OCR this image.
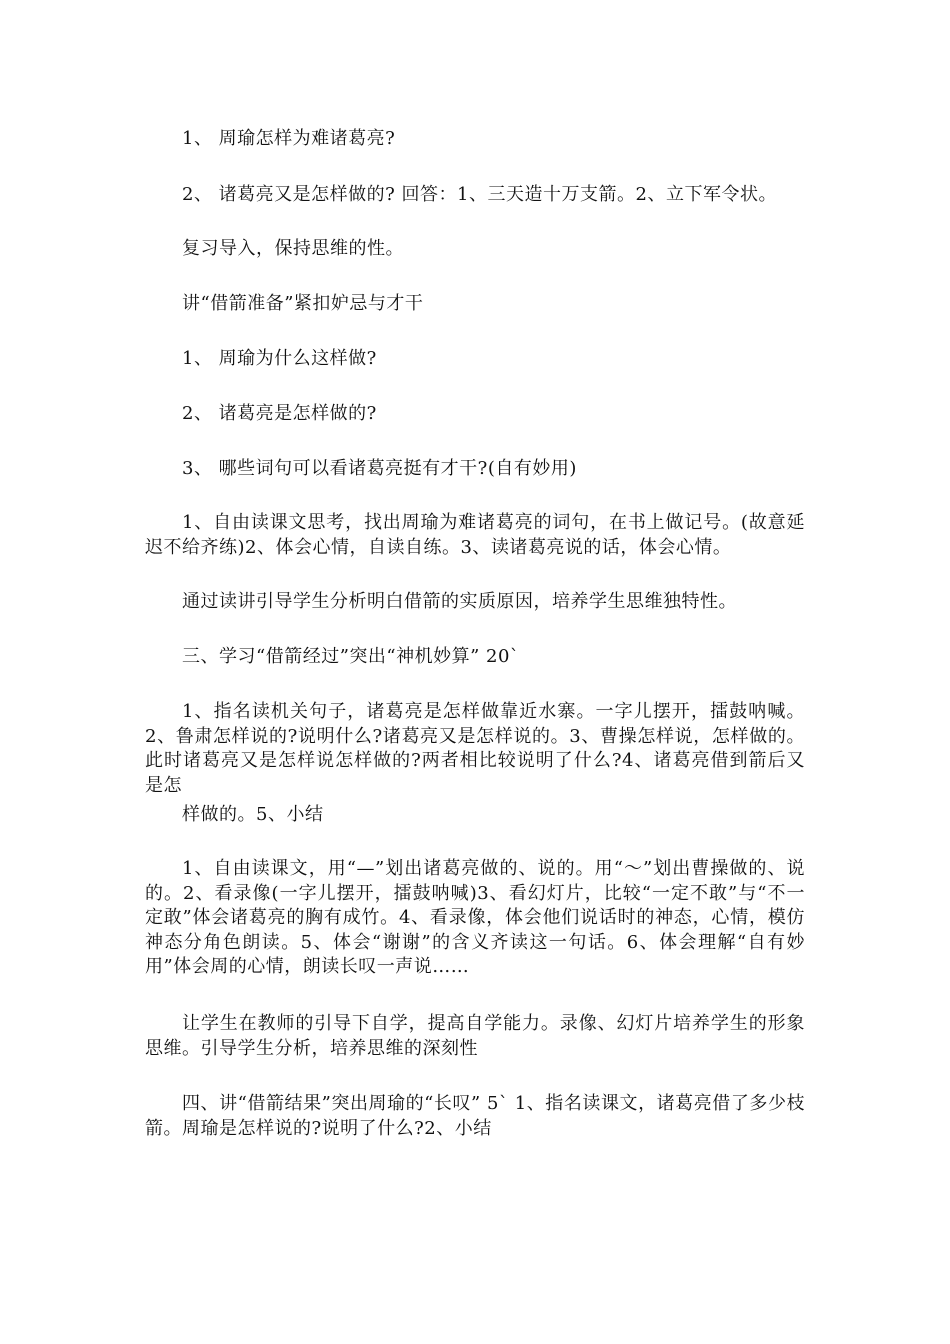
1、 周瑜怎样为难诸葛亮?
2、 诸葛亮又是怎样做的? 回答：1、三天造十万支箭。2、立下军令状。
复习导入，保持思维的性。
讲“借箭准备”紧扣妒忌与才干
1、 周瑜为什么这样做?
2、 诸葛亮是怎样做的?
3、 哪些词句可以看诸葛亮挺有才干?(自有妙用)
1、自由读课文思考，找出周瑜为难诸葛亮的词句，在书上做记号。(故意延迟不给齐练)2、体会心情，自读自练。3、读诸葛亮说的话，体会心情。
通过读讲引导学生分析明白借箭的实质原因，培养学生思维独特性。
三、学习“借箭经过”突出“神机妙算” 20`
1、指名读机关句子，诸葛亮是怎样做靠近水寨。一字儿摆开，擂鼓呐喊。2、鲁肃怎样说的?说明什么?诸葛亮又是怎样说的。3、曹操怎样说，怎样做的。此时诸葛亮又是怎样说怎样做的?两者相比较说明了什么?4、诸葛亮借到箭后又是怎
样做的。5、小结
1、自由读课文，用“—”划出诸葛亮做的、说的。用“～”划出曹操做的、说的。2、看录像(一字儿摆开，擂鼓呐喊)3、看幻灯片，比较“一定不敢”与“不一定敢”体会诸葛亮的胸有成竹。4、看录像，体会他们说话时的神态，心情，模仿神态分角色朗读。5、体会“谢谢”的含义齐读这一句话。6、体会理解“自有妙用”体会周的心情，朗读长叹一声说……
让学生在教师的引导下自学，提高自学能力。录像、幻灯片培养学生的形象思维。引导学生分析，培养思维的深刻性
四、讲“借箭结果”突出周瑜的“长叹” 5` 1、指名读课文，诸葛亮借了多少枝箭。周瑜是怎样说的?说明了什么?2、小结
